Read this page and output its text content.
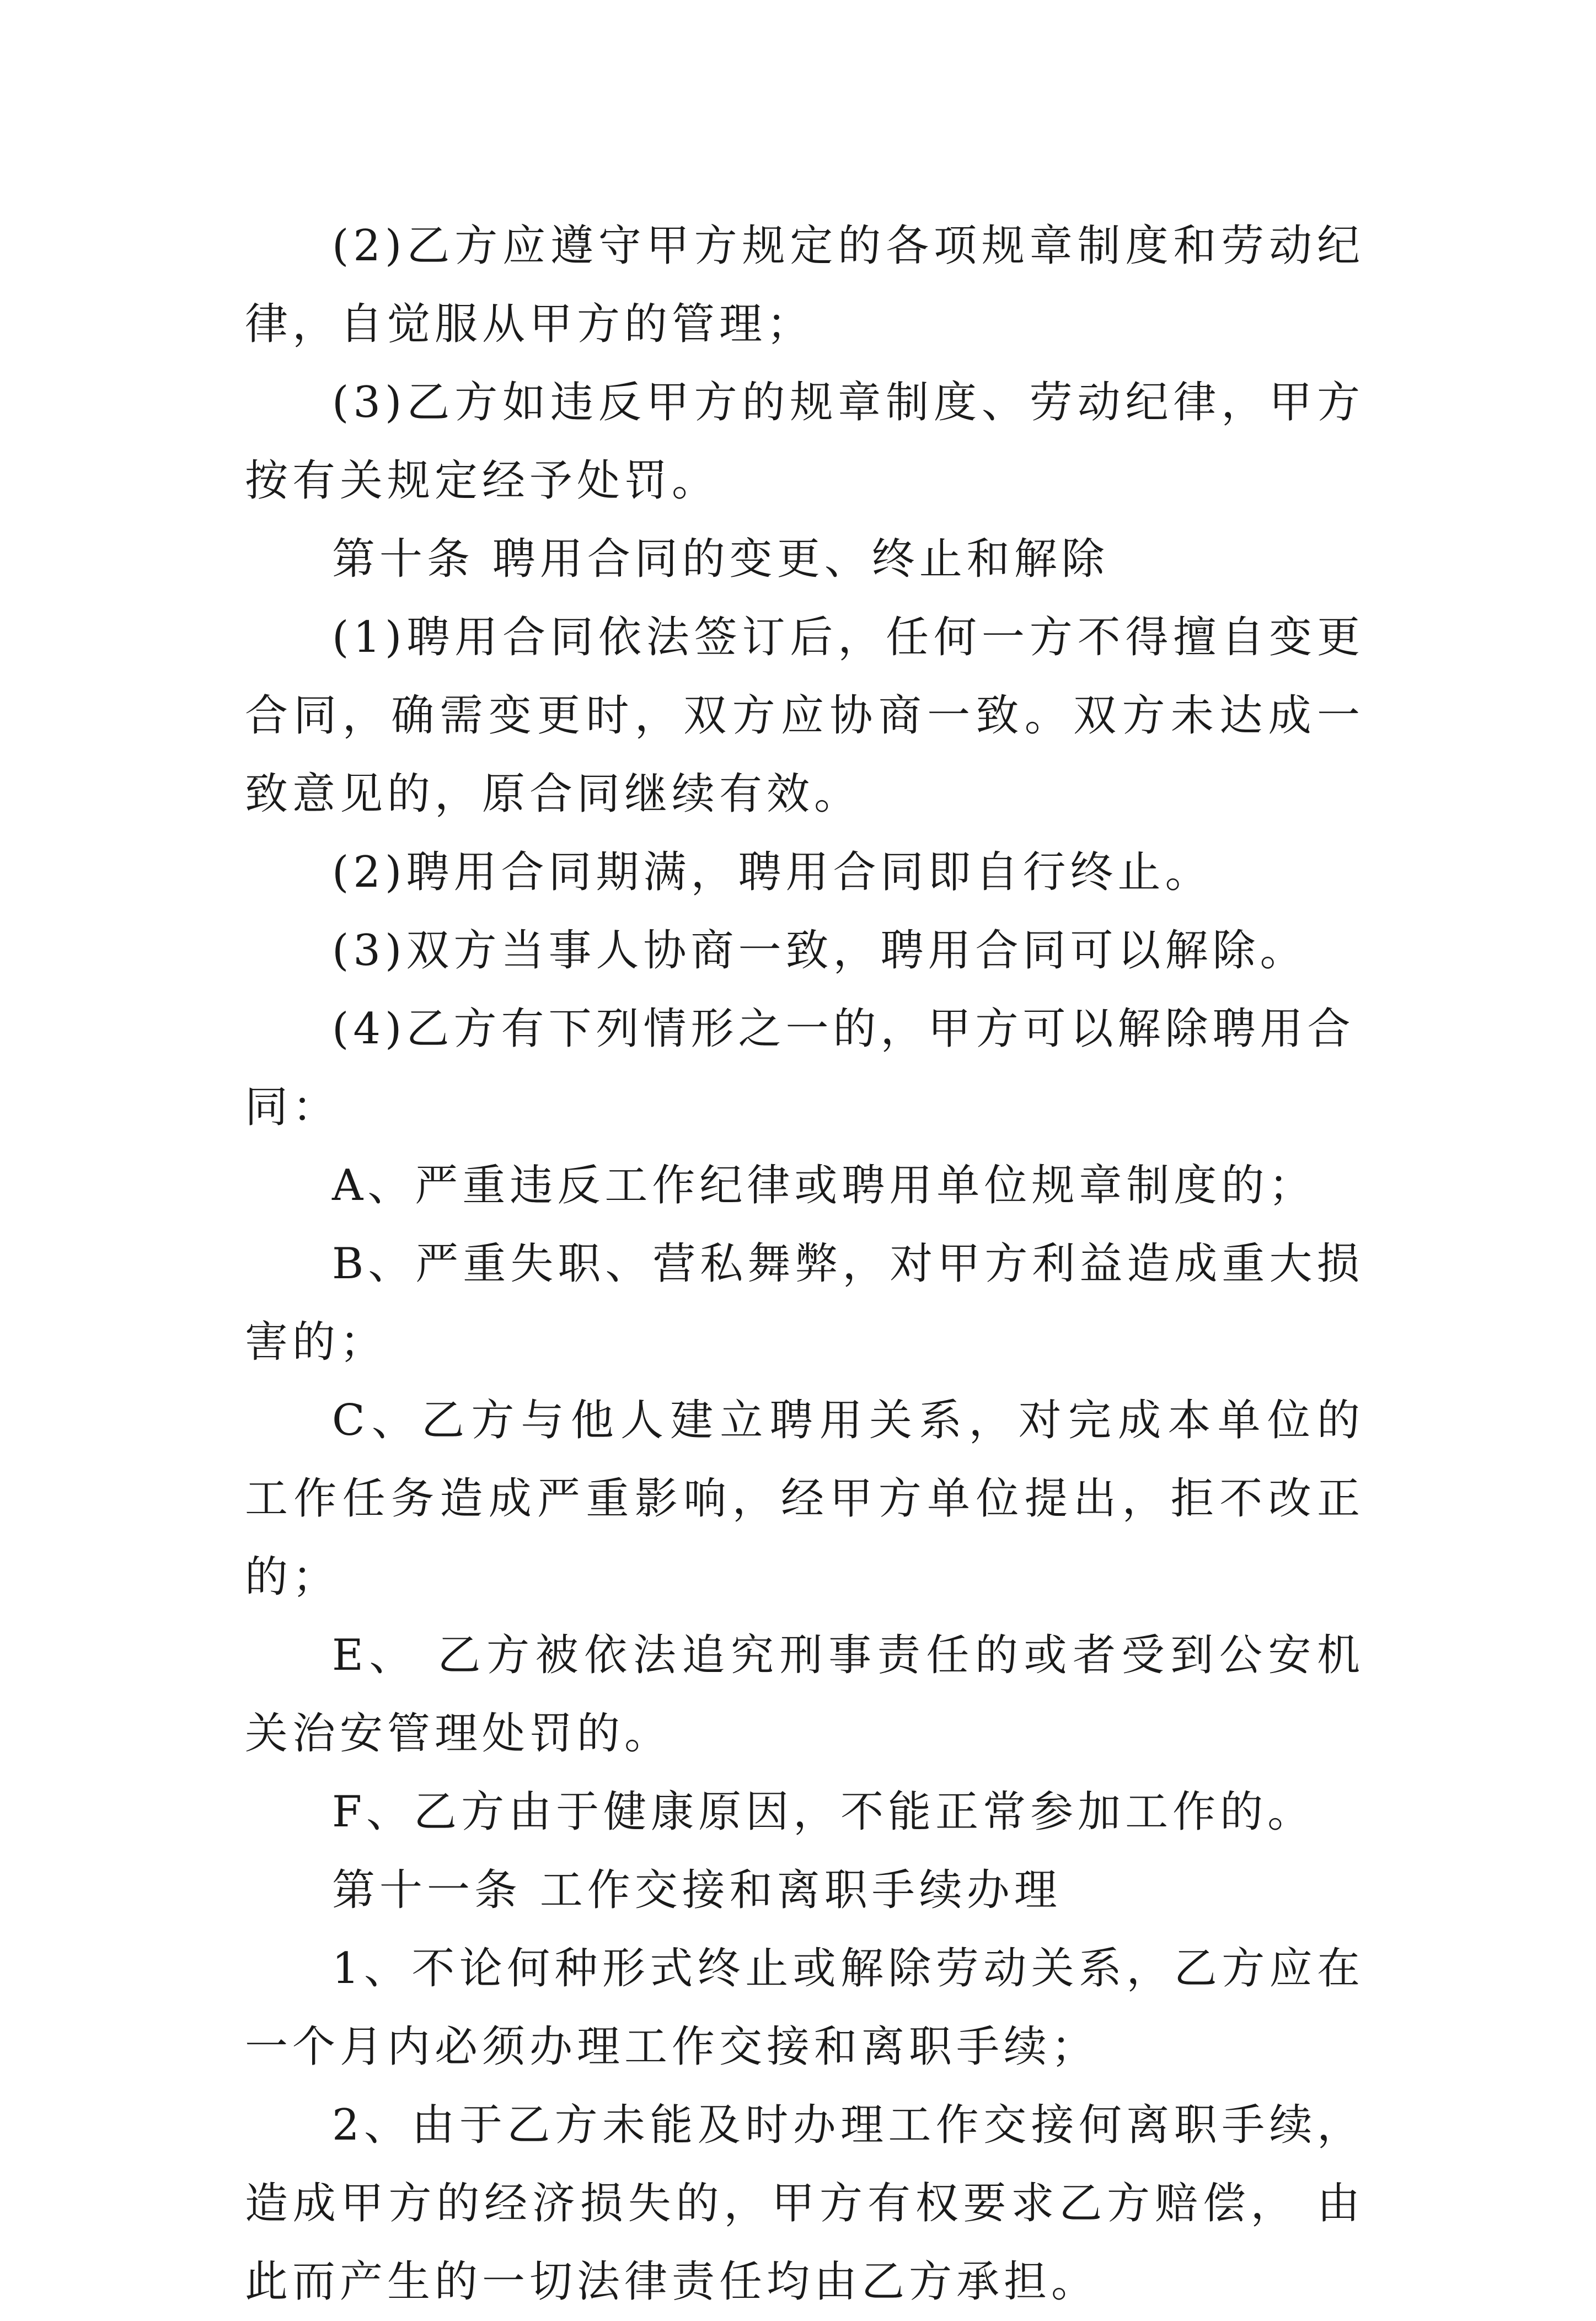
(2)乙方应遵守甲方规定的各项规章制度和劳动纪律，自觉服从甲方的管理；

(3)乙方如违反甲方的规章制度、劳动纪律，甲方按有关规定经予处罚。

第十条 聘用合同的变更、终止和解除

(1)聘用合同依法签订后，任何一方不得擅自变更合同，确需变更时，双方应协商一致。双方未达成一致意见的，原合同继续有效。

(2)聘用合同期满，聘用合同即自行终止。

(3)双方当事人协商一致，聘用合同可以解除。

(4)乙方有下列情形之一的，甲方可以解除聘用合同：

A、严重违反工作纪律或聘用单位规章制度的；

B、严重失职、营私舞弊，对甲方利益造成重大损害的；

C、乙方与他人建立聘用关系，对完成本单位的工作任务造成严重影响，经甲方单位提出，拒不改正的；

E、 乙方被依法追究刑事责任的或者受到公安机关治安管理处罚的。

F、乙方由于健康原因，不能正常参加工作的。

第十一条 工作交接和离职手续办理

1、不论何种形式终止或解除劳动关系，乙方应在一个月内必须办理工作交接和离职手续；

2、由于乙方未能及时办理工作交接何离职手续，造成甲方的经济损失的，甲方有权要求乙方赔偿， 由此而产生的一切法律责任均由乙方承担。
